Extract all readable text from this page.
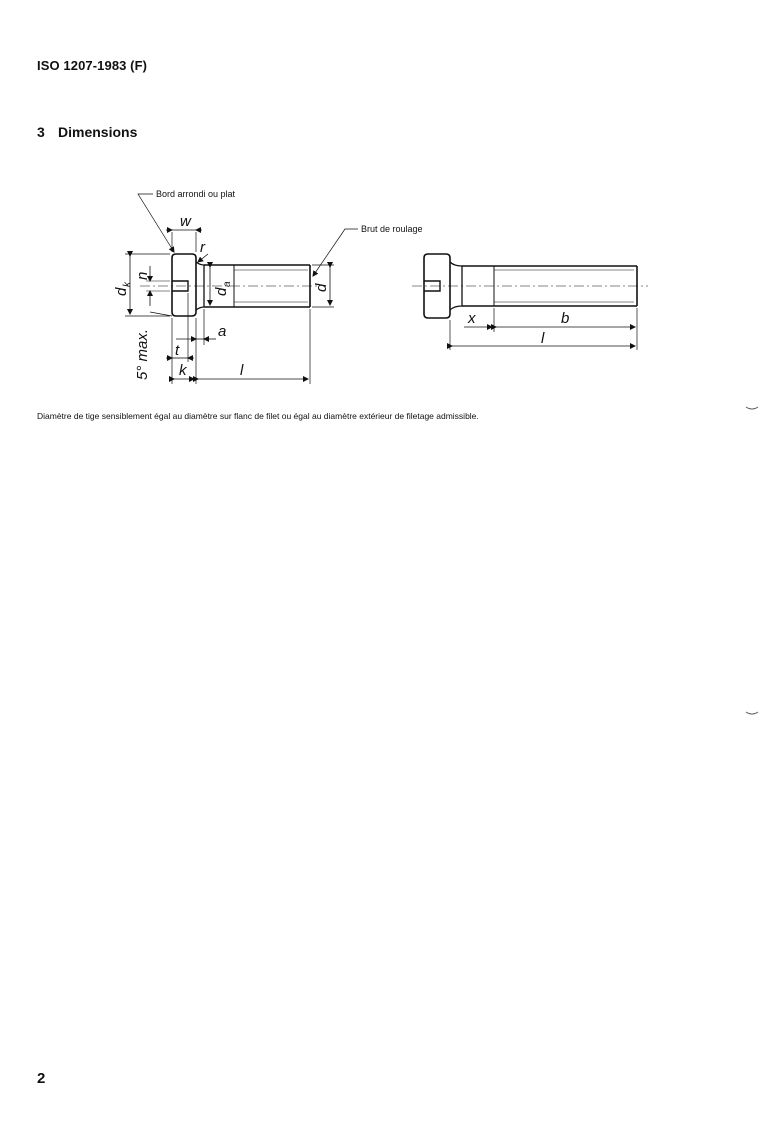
ISO 1207-1983 (F)
3 Dimensions
Bord arrondi ou plat
Brut de roulage
w
r
n
d
k
d
a	d
a
t
k	l
5° max.
x	b
l
Diamètre de tige sensiblement égal au diamètre sur flanc de filet ou égal au diamètre extérieur de filetage admissible.
2
